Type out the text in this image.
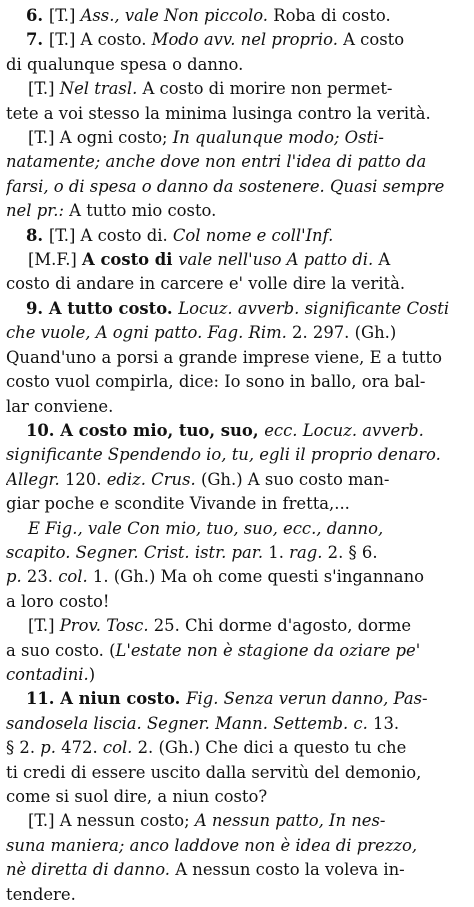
6. [T.] Ass., vale Non piccolo. Roba di costo.
7. [T.] A costo. Modo avv. nel proprio. A costo
di qualunque spesa o danno.
[T.] Nel trasl. A costo di morire non permet-
tete a voi stesso la minima lusinga contro la verità.
[T.] A ogni costo; In qualunque modo; Osti-
natamente; anche dove non entri l'idea di patto da
farsi, o di spesa o danno da sostenere. Quasi sempre
nel pr.: A tutto mio costo.
8. [T.] A costo di. Col nome e coll'Inf.
[M.F.] A costo di vale nell'uso A patto di. A
costo di andare in carcere e' volle dire la verità.
9. A tutto costo. Locuz. avverb. significante Costi
che vuole, A ogni patto. Fag. Rim. 2. 297. (Gh.)
Quand'uno a porsi a grande imprese viene, E a tutto
costo vuol compirla, dice: Io sono in ballo, ora bal-
lar conviene.
10. A costo mio, tuo, suo, ecc. Locuz. avverb.
significante Spendendo io, tu, egli il proprio denaro.
Allegr. 120. ediz. Crus. (Gh.) A suo costo man-
giar poche e scondite Vivande in fretta,...
E Fig., vale Con mio, tuo, suo, ecc., danno,
scapito. Segner. Crist. istr. par. 1. rag. 2. § 6.
p. 23. col. 1. (Gh.) Ma oh come questi s'ingannano
a loro costo!
[T.] Prov. Tosc. 25. Chi dorme d'agosto, dorme
a suo costo. (L'estate non è stagione da oziare pe'
contadini.)
11. A niun costo. Fig. Senza verun danno, Pas-
sandosela liscia. Segner. Mann. Settemb. c. 13.
§ 2. p. 472. col. 2. (Gh.) Che dici a questo tu che
ti credi di essere uscito dalla servitù del demonio,
come si suol dire, a niun costo?
[T.] A nessun costo; A nessun patto, In nes-
suna maniera; anco laddove non è idea di prezzo,
nè diretta di danno. A nessun costo la voleva in-
tendere.
